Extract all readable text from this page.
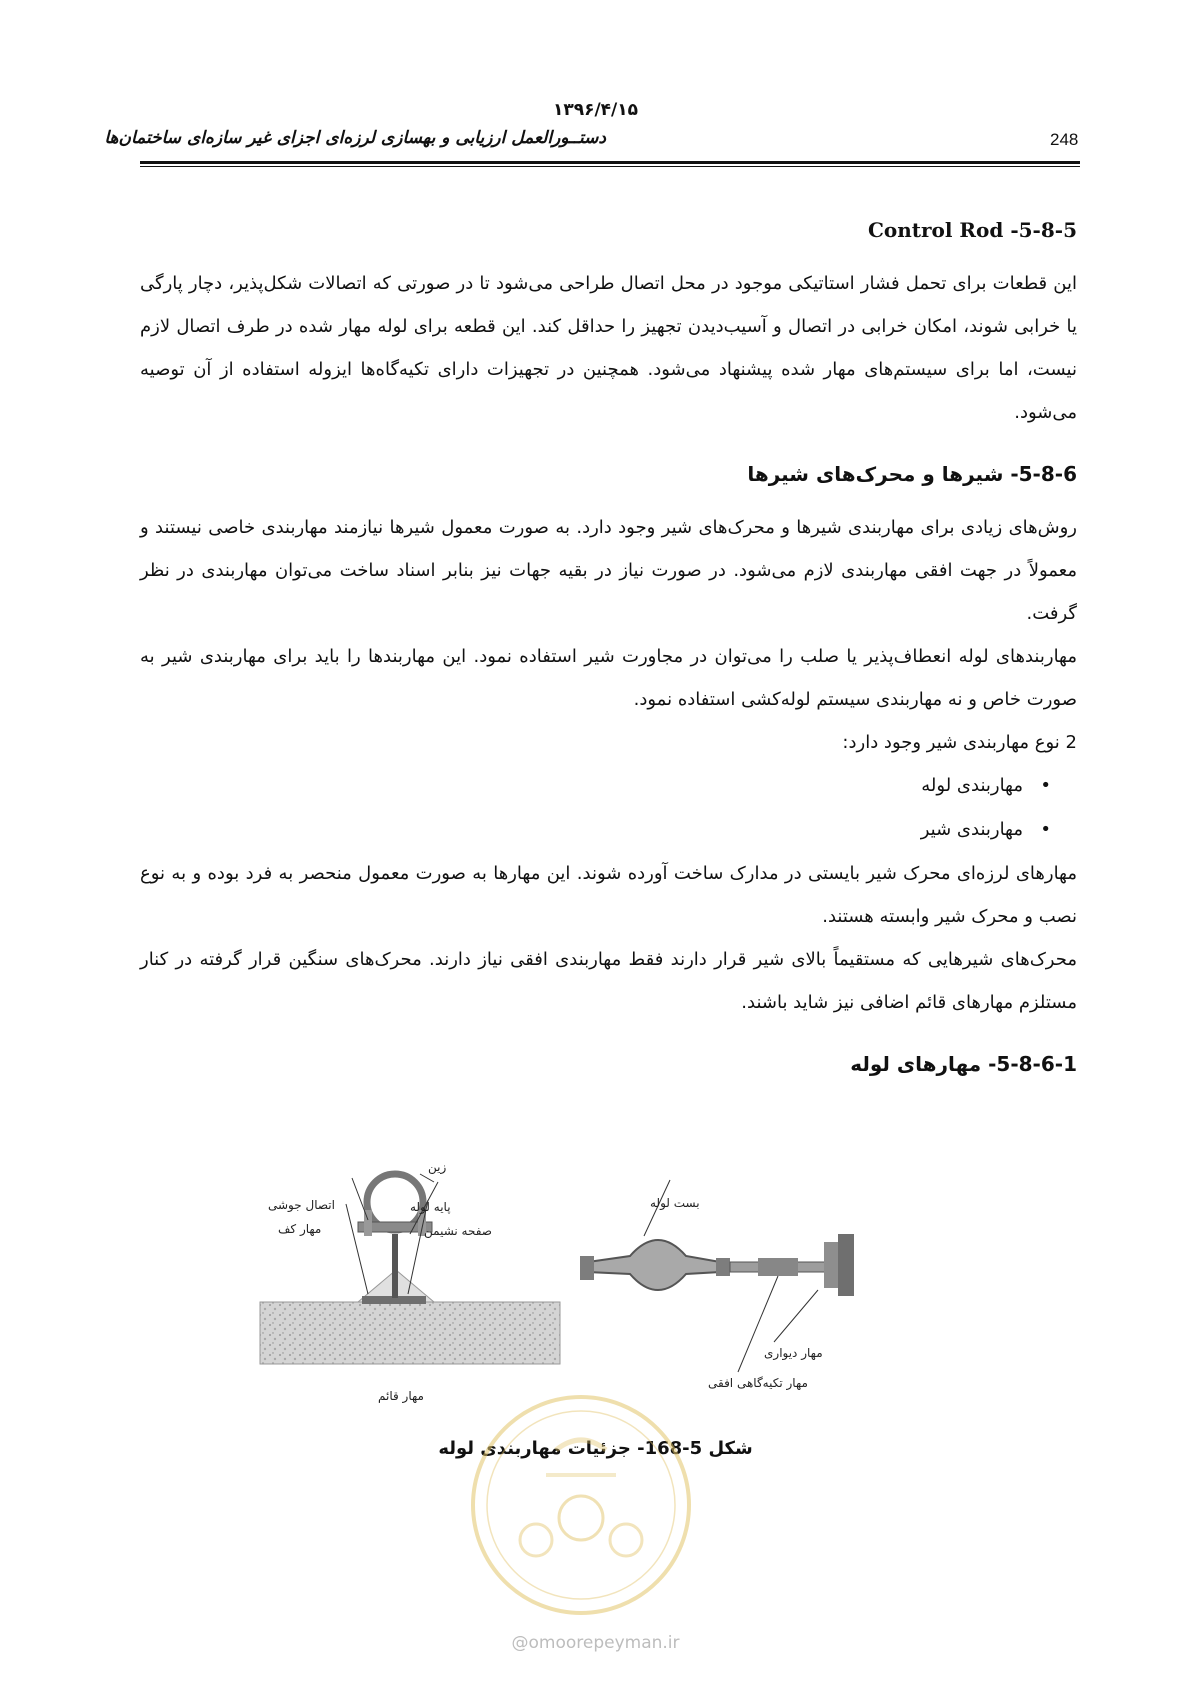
۱۳۹۶/۴/۱۵
دستــورالعمل ارزیابی و بهسازی لرزه‌ای اجزای غیر سازه‌ای ساختمان‌ها	248
Control Rod -5-8-5

این قطعات برای تحمل فشار استاتیکی موجود در محل اتصال طراحی می‌شود تا در صورتی که اتصالات شکل‌پذیر، دچار پارگی یا خرابی شوند، امکان خرابی در اتصال و آسیب‌دیدن تجهیز را حداقل کند. این قطعه برای لوله مهار شده در طرف اتصال لازم نیست، اما برای سیستم‌های مهار شده پیشنهاد می‌شود. همچنین در تجهیزات دارای تکیه‌گاه‌ها ایزوله استفاده از آن توصیه می‌شود.

5-8-6- شیرها و محرک‌های شیرها

روش‌های زیادی برای مهاربندی شیرها و محرک‌های شیر وجود دارد. به صورت معمول شیرها نیازمند مهاربندی خاصی نیستند و معمولاً در جهت افقی مهاربندی لازم می‌شود. در صورت نیاز در بقیه جهات نیز بنابر اسناد ساخت می‌توان مهاربندی در نظر گرفت.

مهاربندهای لوله انعطاف‌پذیر یا صلب را می‌توان در مجاورت شیر استفاده نمود. این مهاربندها را باید برای مهاربندی شیر به صورت خاص و نه مهاربندی سیستم لوله‌کشی استفاده نمود.

2 نوع مهاربندی شیر وجود دارد:

•
مهاربندی لوله
•
مهاربندی شیر

مهارهای لرزه‌ای محرک شیر بایستی در مدارک ساخت آورده شوند. این مهارها به صورت معمول منحصر به فرد بوده و به نوع نصب و محرک شیر وابسته هستند.

محرک‌های شیرهایی که مستقیماً بالای شیر قرار دارند فقط مهاربندی افقی نیاز دارند. محرک‌های سنگین قرار گرفته در کنار مستلزم مهارهای قائم اضافی نیز شاید باشند.

5-8-6-1- مهارهای لوله
زین
اتصال جوشی	پایه لوله
مهار کف	صفحه نشیمن
مهار قائم
بست لوله
مهار دیواری
مهار تکیه‌گاهی افقی
شکل 5-168- جزئیات مهاربندی لوله
@omoorepeyman.ir
